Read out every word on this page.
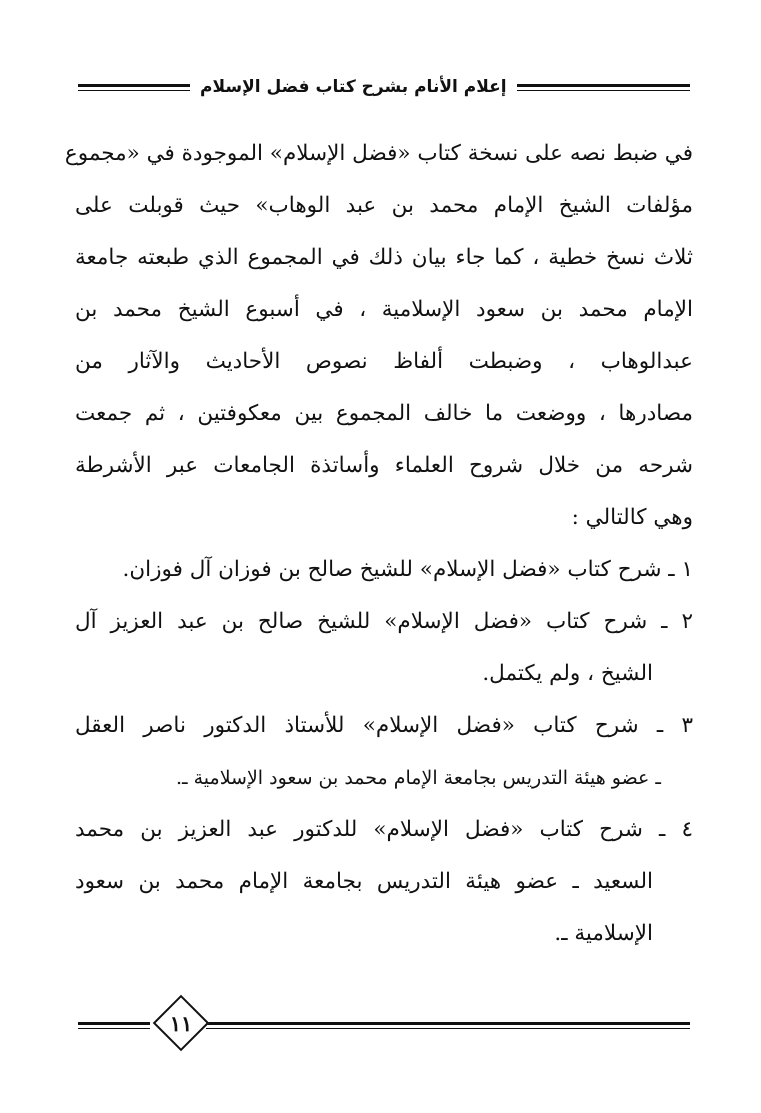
إعلام الأنام بشرح كتاب فضل الإسلام
في ضبط نصه على نسخة كتاب «فضل الإسلام» الموجودة في «مجموع
مؤلفات الشيخ الإمام محمد بن عبد الوهاب» حيث قوبلت على
ثلاث نسخ خطية ، كما جاء بيان ذلك في المجموع الذي طبعته جامعة
الإمام محمد بن سعود الإسلامية ، في أسبوع الشيخ محمد بن
عبدالوهاب ، وضبطت ألفاظ نصوص الأحاديث والآثار من
مصادرها ، ووضعت ما خالف المجموع بين معكوفتين ، ثم جمعت
شرحه من خلال شروح العلماء وأساتذة الجامعات عبر الأشرطة
وهي كالتالي :
١ ـ شرح كتاب «فضل الإسلام» للشيخ صالح بن فوزان آل فوزان.
٢ ـ شرح كتاب «فضل الإسلام» للشيخ صالح بن عبد العزيز آل
الشيخ ، ولم يكتمل.
٣ ـ شرح كتاب «فضل الإسلام» للأستاذ الدكتور ناصر العقل
ـ عضو هيئة التدريس بجامعة الإمام محمد بن سعود الإسلامية ـ.
٤ ـ شرح كتاب «فضل الإسلام» للدكتور عبد العزيز بن محمد
السعيد ـ عضو هيئة التدريس بجامعة الإمام محمد بن سعود
الإسلامية ـ.
١١
